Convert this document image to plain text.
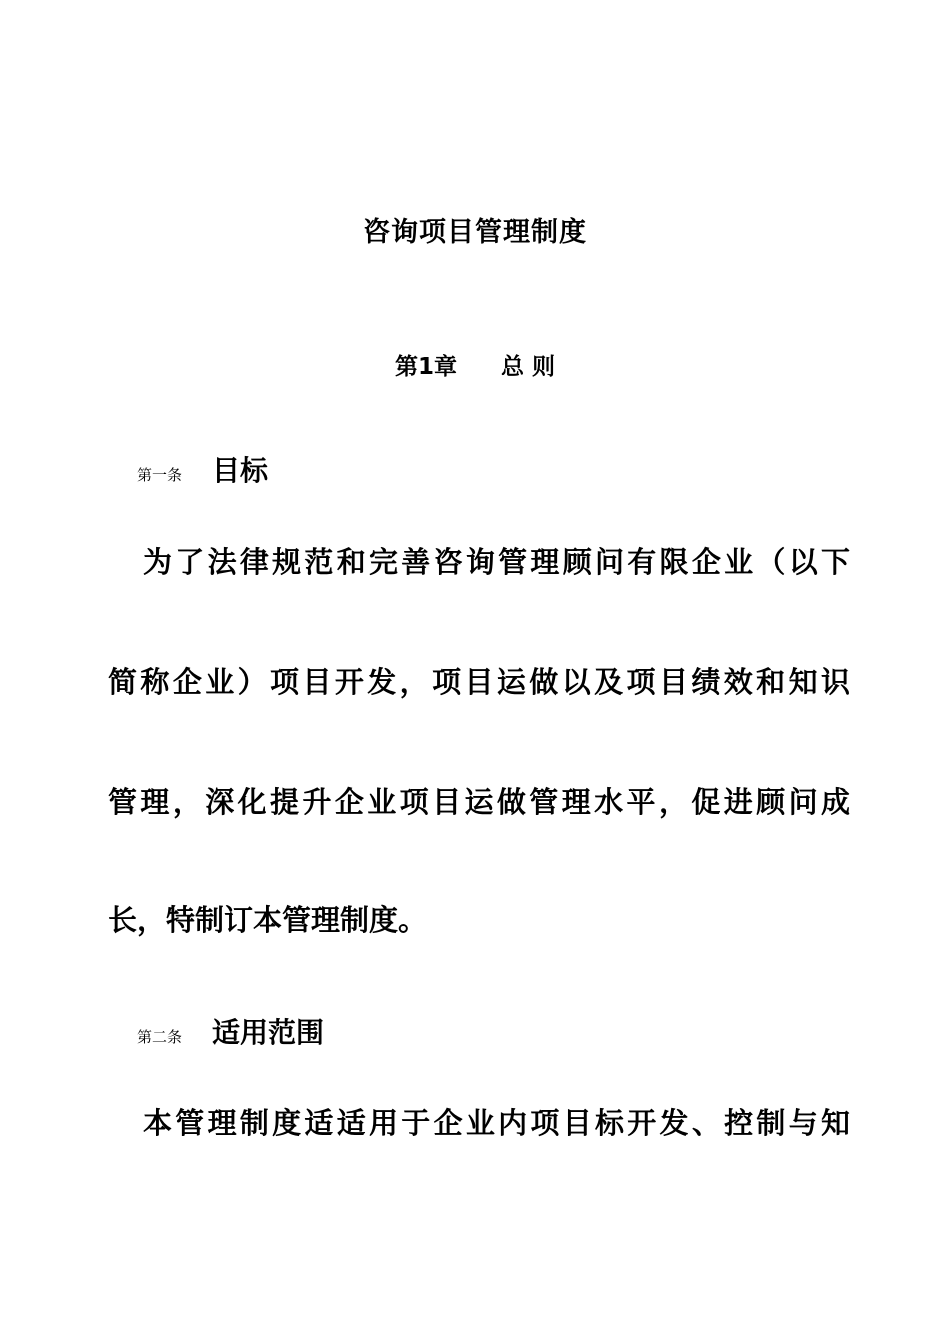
咨询项目管理制度
第1章 总 则
第一条	目标

为了法律规范和完善咨询管理顾问有限企业（以下

简称企业）项目开发，项目运做以及项目绩效和知识

管理，深化提升企业项目运做管理水平，促进顾问成

长，特制订本管理制度。

第二条	适用范围

本管理制度适适用于企业内项目标开发、控制与知
